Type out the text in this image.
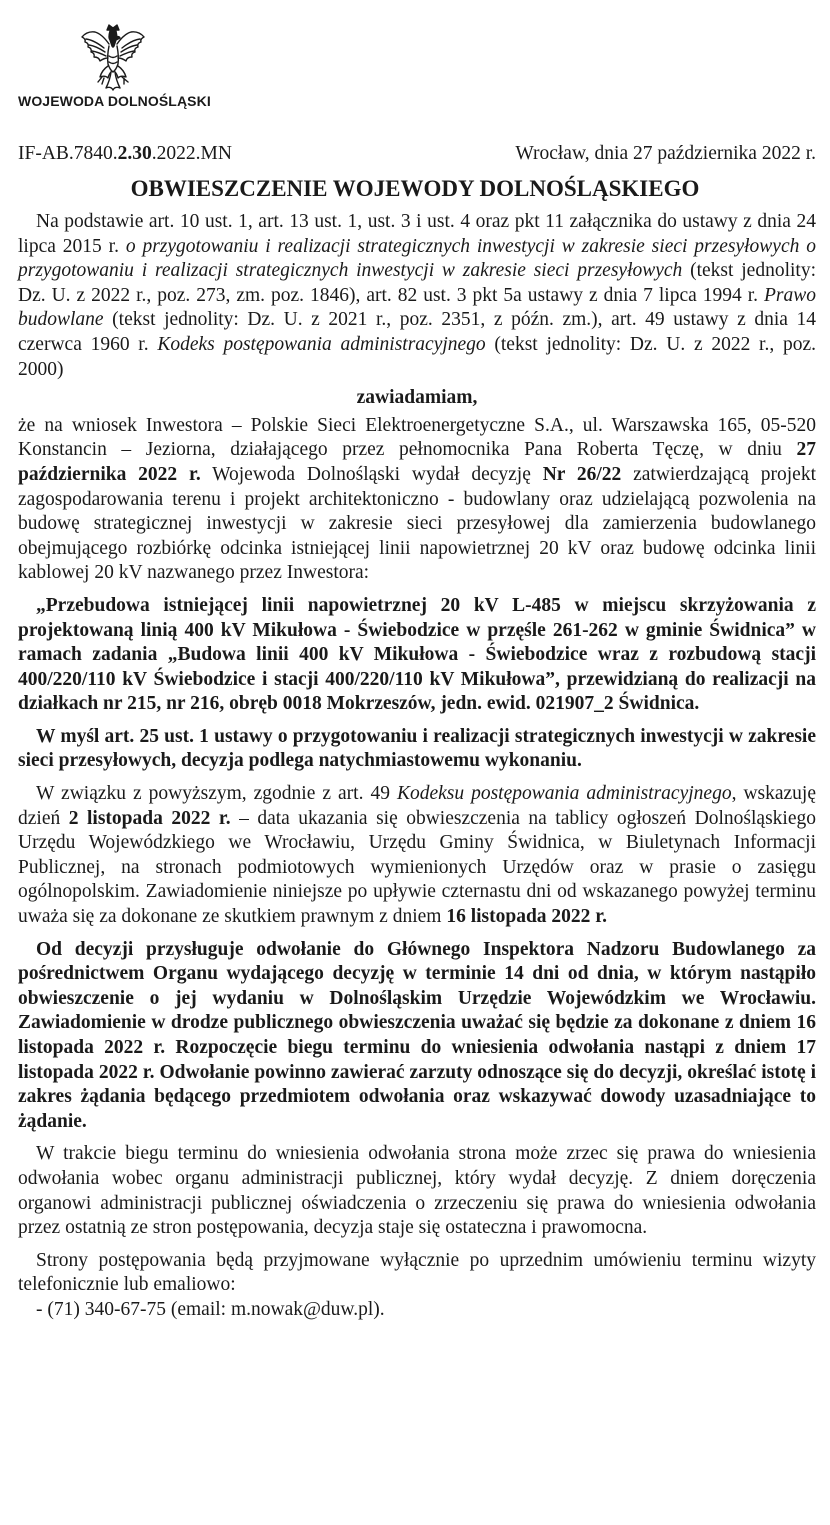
WOJEWODA DOLNOŚLĄSKI
IF-AB.7840.2.30.2022.MN	Wrocław, dnia 27 października 2022 r.
OBWIESZCZENIE WOJEWODY DOLNOŚLĄSKIEGO

Na podstawie art. 10 ust. 1, art. 13 ust. 1, ust. 3 i ust. 4 oraz pkt 11 załącznika do ustawy z dnia 24 lipca 2015 r. o przygotowaniu i realizacji strategicznych inwestycji w zakresie sieci przesyłowych o przygotowaniu i realizacji strategicznych inwestycji w zakresie sieci przesyłowych (tekst jednolity: Dz. U. z 2022 r., poz. 273, zm. poz. 1846), art. 82 ust. 3 pkt 5a ustawy z dnia 7 lipca 1994 r. Prawo budowlane (tekst jednolity: Dz. U. z 2021 r., poz. 2351, z późn. zm.), art. 49 ustawy z dnia 14 czerwca 1960 r. Kodeks postępowania administracyjnego (tekst jednolity: Dz. U. z 2022 r., poz. 2000)

zawiadamiam,

że na wniosek Inwestora – Polskie Sieci Elektroenergetyczne S.A., ul. Warszawska 165, 05-520 Konstancin – Jeziorna, działającego przez pełnomocnika Pana Roberta Tęczę, w dniu 27 października 2022 r. Wojewoda Dolnośląski wydał decyzję Nr 26/22 zatwierdzającą projekt zagospodarowania terenu i projekt architektoniczno - budowlany oraz udzielającą pozwolenia na budowę strategicznej inwestycji w zakresie sieci przesyłowej dla zamierzenia budowlanego obejmującego rozbiórkę odcinka istniejącej linii napowietrznej 20 kV oraz budowę odcinka linii kablowej 20 kV nazwanego przez Inwestora:

„Przebudowa istniejącej linii napowietrznej 20 kV L-485 w miejscu skrzyżowania z projektowaną linią 400 kV Mikułowa - Świebodzice w przęśle 261-262 w gminie Świdnica” w ramach zadania „Budowa linii 400 kV Mikułowa - Świebodzice wraz z rozbudową stacji 400/220/110 kV Świebodzice i stacji 400/220/110 kV Mikułowa”, przewidzianą do realizacji na działkach nr 215, nr 216, obręb 0018 Mokrzeszów, jedn. ewid. 021907_2 Świdnica.

W myśl art. 25 ust. 1 ustawy o przygotowaniu i realizacji strategicznych inwestycji w zakresie sieci przesyłowych, decyzja podlega natychmiastowemu wykonaniu.

W związku z powyższym, zgodnie z art. 49 Kodeksu postępowania administracyjnego, wskazuję dzień 2 listopada 2022 r. – data ukazania się obwieszczenia na tablicy ogłoszeń Dolnośląskiego Urzędu Wojewódzkiego we Wrocławiu, Urzędu Gminy Świdnica, w Biuletynach Informacji Publicznej, na stronach podmiotowych wymienionych Urzędów oraz w prasie o zasięgu ogólnopolskim. Zawiadomienie niniejsze po upływie czternastu dni od wskazanego powyżej terminu uważa się za dokonane ze skutkiem prawnym z dniem 16 listopada 2022 r.

Od decyzji przysługuje odwołanie do Głównego Inspektora Nadzoru Budowlanego za pośrednictwem Organu wydającego decyzję w terminie 14 dni od dnia, w którym nastąpiło obwieszczenie o jej wydaniu w Dolnośląskim Urzędzie Wojewódzkim we Wrocławiu. Zawiadomienie w drodze publicznego obwieszczenia uważać się będzie za dokonane z dniem 16 listopada 2022 r. Rozpoczęcie biegu terminu do wniesienia odwołania nastąpi z dniem 17 listopada 2022 r. Odwołanie powinno zawierać zarzuty odnoszące się do decyzji, określać istotę i zakres żądania będącego przedmiotem odwołania oraz wskazywać dowody uzasadniające to żądanie.

W trakcie biegu terminu do wniesienia odwołania strona może zrzec się prawa do wniesienia odwołania wobec organu administracji publicznej, który wydał decyzję. Z dniem doręczenia organowi administracji publicznej oświadczenia o zrzeczeniu się prawa do wniesienia odwołania przez ostatnią ze stron postępowania, decyzja staje się ostateczna i prawomocna.

Strony postępowania będą przyjmowane wyłącznie po uprzednim umówieniu terminu wizyty telefonicznie lub emaliowo:

- (71) 340-67-75 (email: m.nowak@duw.pl).
